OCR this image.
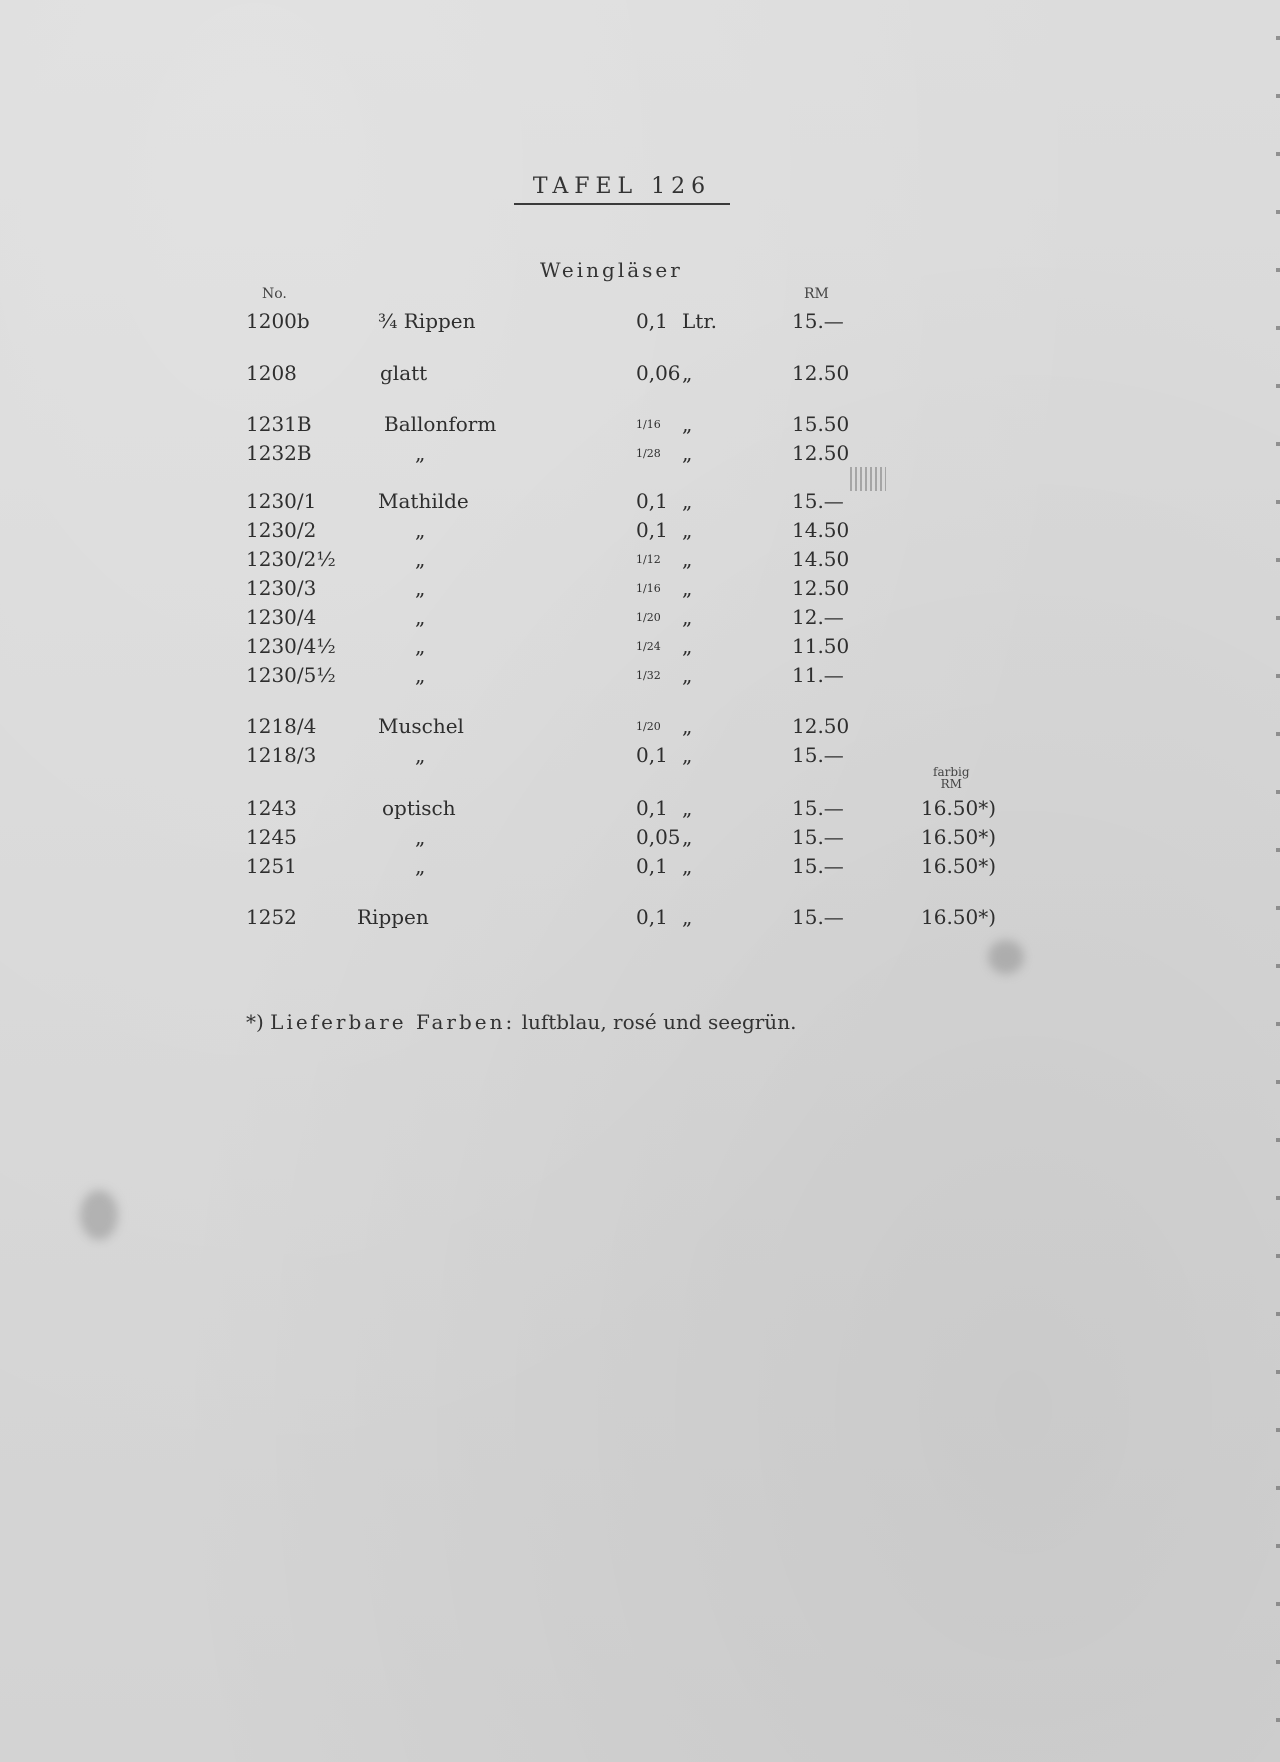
TAFEL 126
Weingläser
No.	RM
farbig
RM
1200b	¾ Rippen	0,1 Ltr.	15.—
1208	glatt	0,06 „	12.50
1231B	Ballonform	1/16 „	15.50
1232B	„	1/28 „	12.50
1230/1	Mathilde	0,1 „	15.—
1230/2	„	0,1 „	14.50
1230/2½	„	1/12 „	14.50
1230/3	„	1/16 „	12.50
1230/4	„	1/20 „	12.—
1230/4½	„	1/24 „	11.50
1230/5½	„	1/32 „	11.—
1218/4	Muschel	1/20 „	12.50
1218/3	„	0,1 „	15.—
1243	optisch	0,1 „	15.—	16.50*)
1245	„	0,05 „	15.—	16.50*)
1251	„	0,1 „	15.—	16.50*)
1252	Rippen	0,1 „	15.—	16.50*)
*) Lieferbare Farben: luftblau, rosé und seegrün.
